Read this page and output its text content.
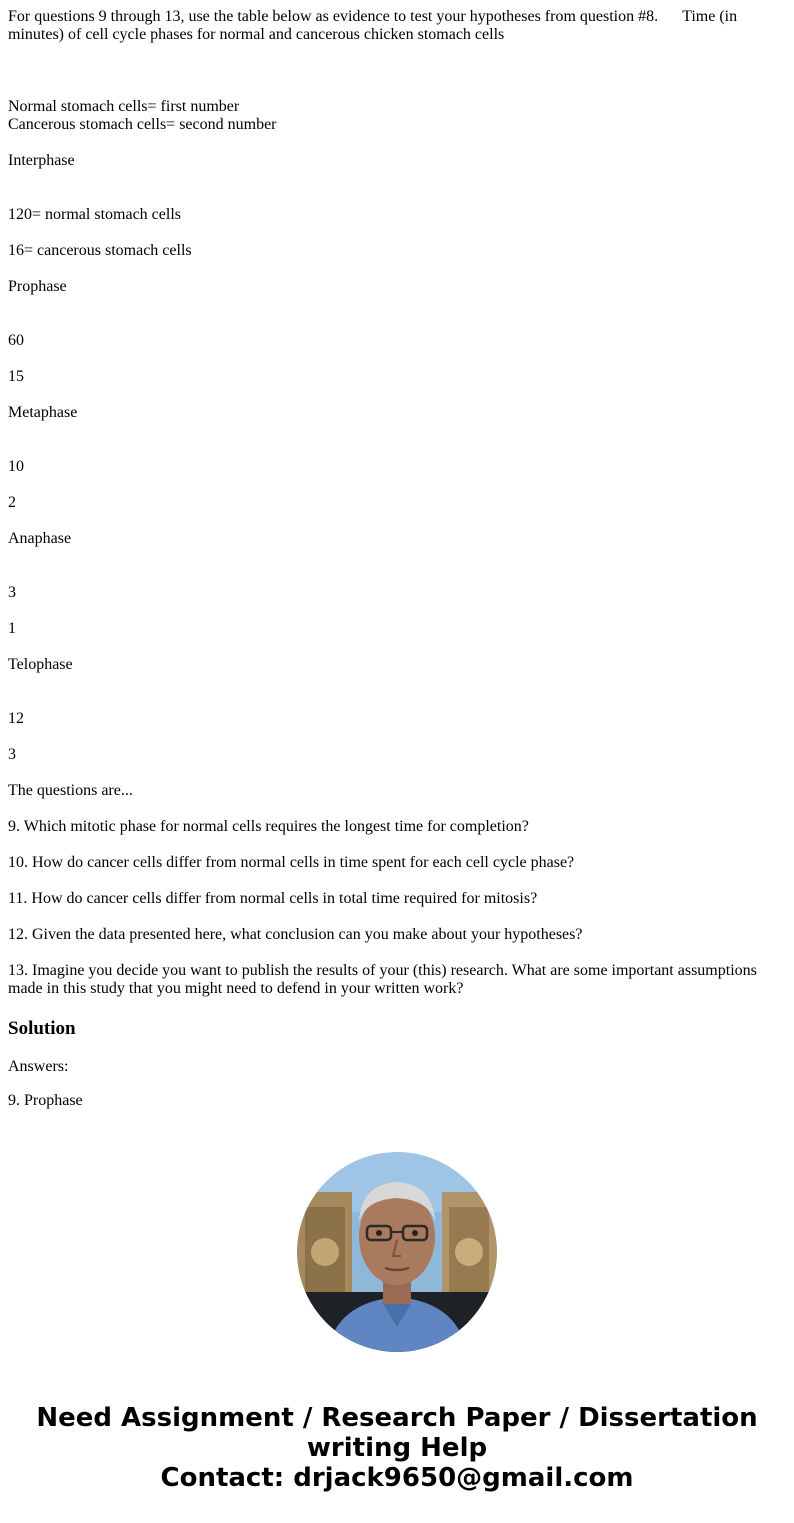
For questions 9 through 13, use the table below as evidence to test your hypotheses from question #8. Time (in minutes) of cell cycle phases for normal and cancerous chicken stomach cells

Normal stomach cells= first number
Cancerous stomach cells= second number

Interphase

120= normal stomach cells

16= cancerous stomach cells

Prophase

60

15

Metaphase

10

2

Anaphase

3

1

Telophase

12

3

The questions are...

9. Which mitotic phase for normal cells requires the longest time for completion?

10. How do cancer cells differ from normal cells in time spent for each cell cycle phase?

11. How do cancer cells differ from normal cells in total time required for mitosis?

12. Given the data presented here, what conclusion can you make about your hypotheses?

13. Imagine you decide you want to publish the results of your (this) research. What are some important assumptions made in this study that you might need to defend in your written work?

Solution

Answers:

9. Prophase

Need Assignment / Research Paper / Dissertation
writing Help
Contact: drjack9650@gmail.com
